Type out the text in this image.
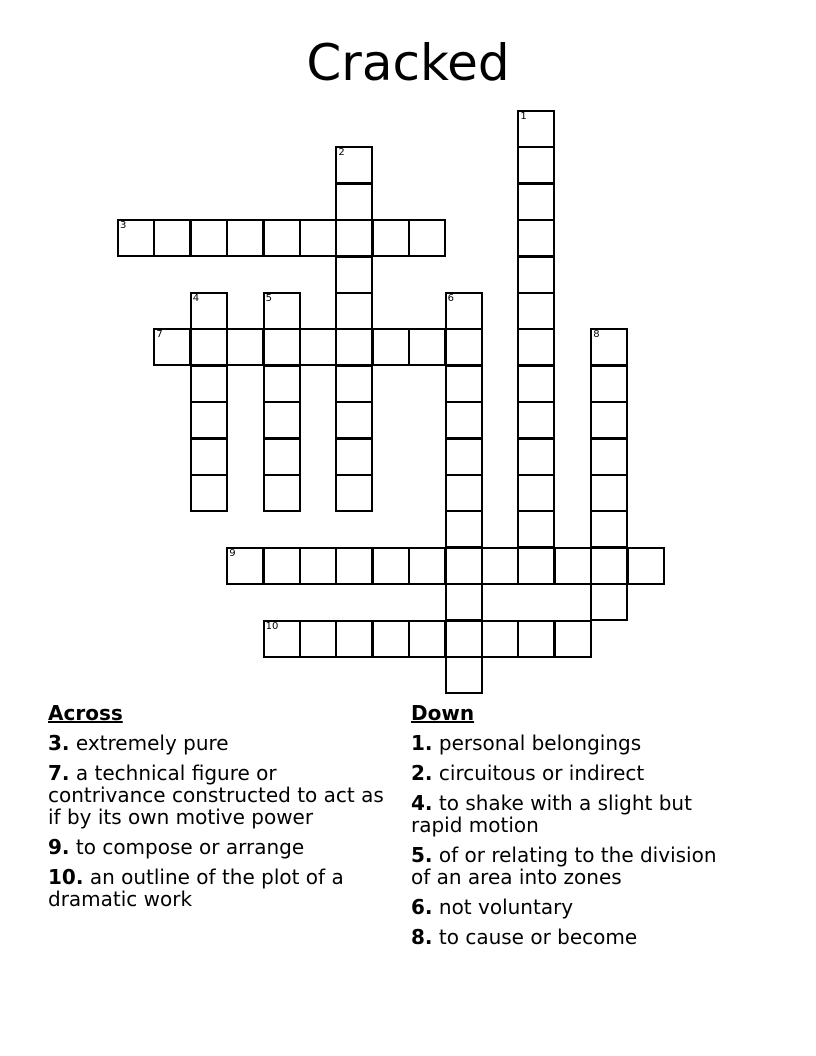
Cracked
1
2
3
4	5	6
7	8
9
10
Across
3. extremely pure
7. a technical figure or contrivance constructed to act as if by its own motive power
9. to compose or arrange
10. an outline of the plot of a dramatic work
Down
1. personal belongings
2. circuitous or indirect
4. to shake with a slight but rapid motion
5. of or relating to the division of an area into zones
6. not voluntary
8. to cause or become
